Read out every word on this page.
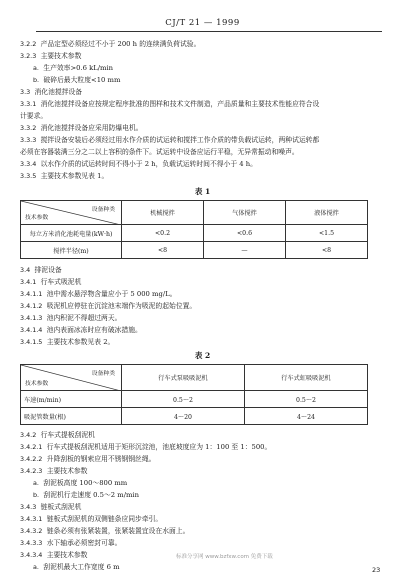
CJ/T 21 — 1999
3.2.2 产品定型必须经过不小于 200 h 的连续满负荷试验。
3.2.3 主要技术参数
a. 生产效率>0.6 kL/min
b. 破碎后最大粒度<10 mm
3.3 消化池搅拌设备
3.3.1 消化池搅拌设备应按规定程序批准的图样和技术文件制造，产品质量和主要技术性能应符合设
计要求。
3.3.2 消化池搅拌设备应采用防爆电机。
3.3.3 搅拌设备安装后必须经过用水作介质的试运转和搅拌工作介质的带负载试运转，两种试运转都
必须在容器装满三分之二以上容积的条件下。试运转中设备应运行平稳，无异常振动和噪声。
3.3.4 以水作介质的试运转时间不得小于 2 h，负载试运转时间不得小于 4 h。
3.3.5 主要技术参数见表 1。
表 1
设备种类
技术参数	机械搅拌	气体搅拌	液体搅拌
每立方米消化池耗电量(kW·h)	<0.2	<0.6	<1.5
搅拌半径(m)	<8	—	<8
3.4 排泥设备
3.4.1 行车式吸泥机
3.4.1.1 池中需水悬浮物含量应小于 5 000 mg/L。
3.4.1.2 吸泥机应停驻在沉淀池末端作为吸泥的起始位置。
3.4.1.3 池内积泥不得超过两天。
3.4.1.4 池内表面冰冻时应有破冰措施。
3.4.1.5 主要技术参数见表 2。
表 2
设备种类
技术参数	行车式泵吸吸泥机	行车式虹吸吸泥机
车速(m/min)	0.5～2	0.5～2
吸泥管数量(根)	4～20	4～24
3.4.2 行车式提板刮泥机
3.4.2.1 行车式提板刮泥机适用于矩形沉淀池，池底坡度应为 1：100 至 1：500。
3.4.2.2 升降刮板的钢索应用不锈钢钢丝绳。
3.4.2.3 主要技术参数
a. 刮泥板高度 100～800 mm
b. 刮泥机行走速度 0.5～2 m/min
3.4.3 链板式刮泥机
3.4.3.1 链板式刮泥机的双侧链条应同步牵引。
3.4.3.2 链条必须有张紧装置，张紧装置宜设在水面上。
3.4.3.3 水下轴承必须密封可靠。
3.4.3.4 主要技术参数
a. 刮泥机最大工作宽度 6 m
标准分享网 www.bzfxw.com 免费下载
23
